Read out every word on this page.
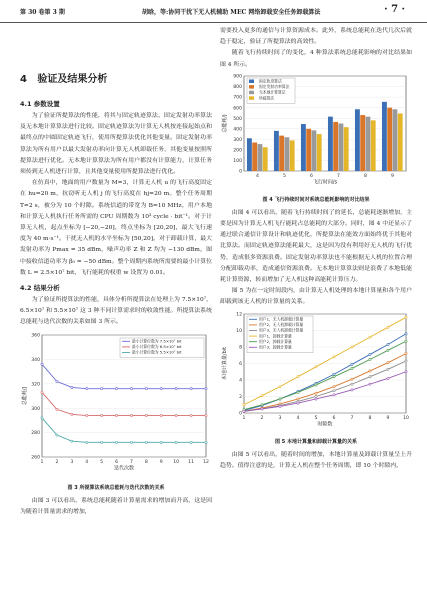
第 30 卷第 3 期	胡晗，等:协同干扰下无人机辅助 MEC 网络卸载安全任务卸载算法	· 7 ·
4 验证及结果分析
4.1 参数设置

为了验证所提算法的性能，将其与固定轨迹算法、固定发射功率算法及无本地计算算法进行比较。固定轨迹算法为计算无人机按连接起始点和最终点的中圆固定轨迹飞行，使用所提算法优化其他变量。固定发射功率算法为所有用户以最大发射功率向计算无人机卸载任务，其他变量按照所提算法进行优化。无本地计算算法为所有用户都没有计算能力，计算任务须传到无人机进行计算，且其他变量使用所提算法进行优化。

在仿真中，地面的用户数量为 M=3，计算无人机 u 的飞行高度固定在 hu=20 m，抗窃听无人机 j 的飞行高度在 hj=20 m。整个任务周期 T=2 s，被分为 10 个时隙。系统信道的带宽为 B=10 MHz，用户本地和计算无人机执行任务所需的 CPU 周期数为 10³ cycle · bit⁻¹。对于计算无人机，起点坐标为 [−20,−20]，终点坐标为 [20,20]，最大飞行速度为 40 m·s⁻¹。干扰无人机的水平坐标为 [50,20]。对于卸载计算，最大发射功率为 Pmax = 35 dBm，噪声功率 Z 和 Z 均为 −130 dBm，图中接收信道功率为 β₀ = −50 dBm。整个周期内系统所需要的最小计算位数 L = 2.5×10⁷ bit，飞行能耗的权重 w 设置为 0.01。

4.2 结果分析

为了验证所提算法的性能，具体分析所提算法在处理上为 7.5×10⁷，6.5×10⁷ 和 5.5×10⁷ 这 3 种不同计算需求时的收敛性能。所提算法系统总能耗与迭代次数的关系如图 3 所示。

260
280
300
320
340
360
1	2	3	4	5	6	7	8	9 10 11 12
迭代次数
总能耗/J
最小计算位数为 7.5×10⁷ bit
最小计算位数为 6.5×10⁷ bit
最小计算位数为 5.5×10⁷ bit
图 3 所提算法系统总能耗与迭代次数的关系

由图 3 可以看出，系统总能耗随着计算量需求的增加而升高，这是因为随着计算量需求的增加，

需要投入更多的通信与计算资源成本。此外，系统总能耗在迭代几次后就趋于稳定，验证了所提算法的高效性。

随着飞行持续时间了的变化，4 种算法系统总能耗影响的对比结果如图 4 所示。

0
100
200
300
400
500
600
700
800
900
4	5	6	7	8	9
飞行时间/s
总能耗/J
固定轨迹算法
固定发射功率算法
无本地计算算法
所提算法
图 4 飞行持续时间对系统总能耗影响的对比结果

由图 4 可以看出，随着飞行持续时间了的延长，总能耗逐渐增加，主要是因为计算无人机飞行能耗占总能耗的大部分。同时，图 4 中还显示了通过联合通信计算设计和轨迹优化，所提算法在能效方面始终优于其他对比算法。而固定轨迹算法能耗最大，这是因为没有利用好无人机的飞行优势，造成很多资源浪费。固定发射功率算法也不能根据无人机的位置合理分配卸载功率，造成通信资源浪费。无本地计算算法则是浪费了本地低能耗计算资源，转而增加了无人机这种高能耗计算压力。

图 5 为在一定时间段内，由计算无人机处理的本地计算量和各个用户卸载到该无人机的计算量的关系。

0
2
4
6
8
10
12
1	2	3	4	5	6	7	8	9	10
时隙数
本地计算量/bit
用户1，无人机卸载计算量
用户2，无人机卸载计算量
用户3，无人机卸载计算量
用户1，卸载计算量
用户2，卸载计算量
用户3，卸载计算量
图 5 本地计算量和卸载计算量的关系

由图 5 可以看出，随着时间的增加，本地计算量及卸载计算量呈上升趋势。值得注意的是，计算无人机在整个任务周期，即 10 个时隙内，
